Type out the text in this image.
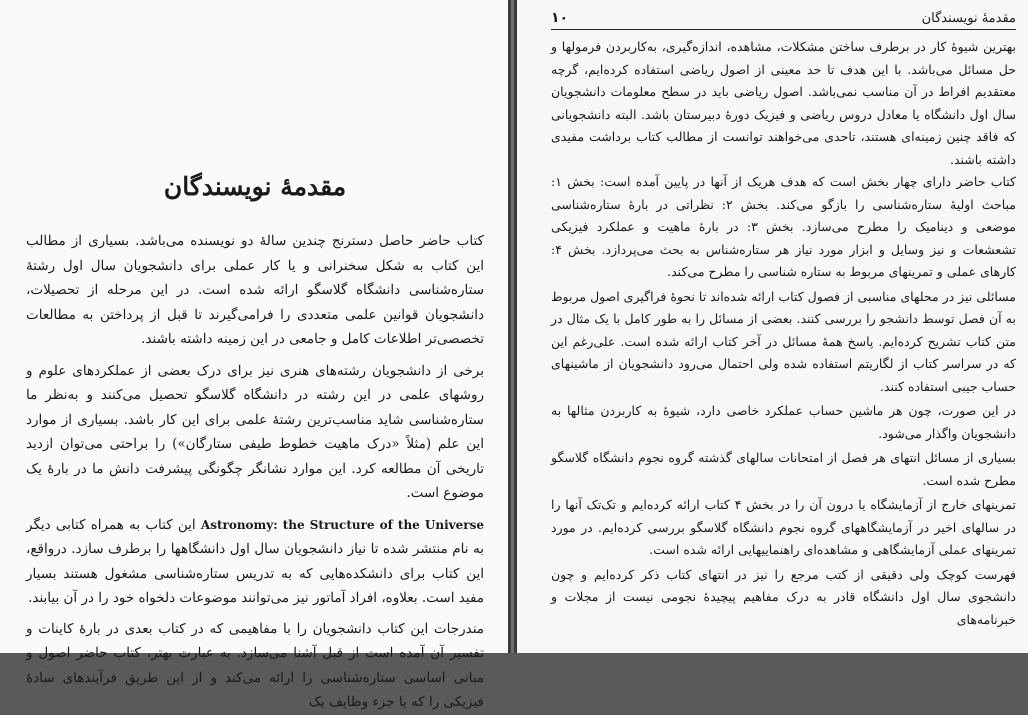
مقدمهٔ نویسندگان

کتاب حاضر حاصل دسترنج چندین سالهٔ دو نویسنده می‌باشد. بسیاری از مطالب این کتاب به شکل سخنرانی و یا کار عملی برای دانشجویان سال اول رشتهٔ ستاره‌شناسی دانشگاه گلاسگو ارائه شده است. در این مرحله از تحصیلات، دانشجویان قوانین علمی متعددی را فرامی‌گیرند تا قبل از پرداختن به مطالعات تخصصی‌تر اطلاعات کامل و جامعی در این زمینه داشته باشند.

برخی از دانشجویان رشته‌های هنری نیز برای درک بعضی از عملکردهای علوم و روشهای علمی در این رشته در دانشگاه گلاسگو تحصیل می‌کنند و به‌نظر ما ستاره‌شناسی شاید مناسب‌ترین رشتهٔ علمی برای این کار باشد. بسیاری از موارد این علم (مثلاً «درک ماهیت خطوط طیفی ستارگان») را براحتی می‌توان ازدید تاریخی آن مطالعه کرد. این موارد نشانگر چگونگی پیشرفت دانش ما در بارهٔ یک موضوع است.

Astronomy: the Structure of the Universe این کتاب به همراه کتابی دیگر به نام منتشر شده تا نیاز دانشجویان سال اول دانشگاهها را برطرف سازد. درواقع، این کتاب برای دانشکده‌هایی که به تدریس ستاره‌شناسی مشغول هستند بسیار مفید است. بعلاوه، افراد آماتور نیز می‌توانند موضوعات دلخواه خود را در آن بیابند.

مندرجات این کتاب دانشجویان را با مفاهیمی که در کتاب بعدی در بارهٔ کاینات و تفسیر آن آمده است از قبل آشنا می‌سازد. به عبارت بهتر، کتاب حاضر اصول و مبانی اساسی ستاره‌شناسی را ارائه می‌کند و از این طریق فرآیندهای سادهٔ فیزیکی را که یا جزء وظایف یک

مقدمهٔ نویسندگان
۱۰

بهترین شیوهٔ کار در برطرف ساختن مشکلات، مشاهده، اندازه‌گیری، به‌کاربردن فرمولها و حل مسائل می‌باشد. با این هدف تا حد معینی از اصول ریاضی استفاده کرده‌ایم، گرچه معتقدیم افراط در آن مناسب نمی‌باشد. اصول ریاضی باید در سطح معلومات دانشجویان سال اول دانشگاه یا معادل دروس ریاضی و فیزیک دورهٔ دبیرستان باشد. البته دانشجویانی که فاقد چنین زمینه‌ای هستند، تاحدی می‌خواهند توانست از مطالب کتاب برداشت مفیدی داشته باشند.

کتاب حاضر دارای چهار بخش است که هدف هریک از آنها در پایین آمده است: بخش ۱: مباحث اولیهٔ ستاره‌شناسی را بازگو می‌کند. بخش ۲: نظراتی در بارهٔ ستاره‌شناسی موضعی و دینامیک را مطرح می‌سازد. بخش ۳: در بارهٔ ماهیت و عملکرد فیزیکی تشعشعات و نیز وسایل و ابزار مورد نیاز هر ستاره‌شناس به بحث می‌پردازد. بخش ۴: کارهای عملی و تمرینهای مربوط به ستاره شناسی را مطرح می‌کند.

مسائلی نیز در محلهای مناسبی از فصول کتاب ارائه شده‌اند تا نحوهٔ فراگیری اصول مربوط به آن فصل توسط دانشجو را بررسی کنند. بعضی از مسائل را به طور کامل با یک مثال در متن کتاب تشریح کرده‌ایم. پاسخ همهٔ مسائل در آخر کتاب ارائه شده است. علی‌رغم این که در سراسر کتاب از لگاریتم استفاده شده ولی احتمال می‌رود دانشجویان از ماشینهای حساب جیبی استفاده کنند.

در این صورت، چون هر ماشین حساب عملکرد خاصی دارد، شیوهٔ به کاربردن مثالها به دانشجویان واگذار می‌شود.

بسیاری از مسائل انتهای هر فصل از امتحانات سالهای گذشته گروه نجوم دانشگاه گلاسگو مطرح شده است.

تمرینهای خارج از آزمایشگاه یا درون آن را در بخش ۴ کتاب ارائه کرده‌ایم و تک‌تک آنها را در سالهای اخیر در آزمایشگاههای گروه نجوم دانشگاه گلاسگو بررسی کرده‌ایم. در مورد تمرینهای عملی آزمایشگاهی و مشاهده‌ای راهنماییهایی ارائه شده است.

فهرست کوچک ولی دقیقی از کتب مرجع را نیز در انتهای کتاب ذکر کرده‌ایم و چون دانشجوی سال اول دانشگاه قادر به درک مفاهیم پیچیدهٔ نجومی نیست از مجلات و خبرنامه‌های
